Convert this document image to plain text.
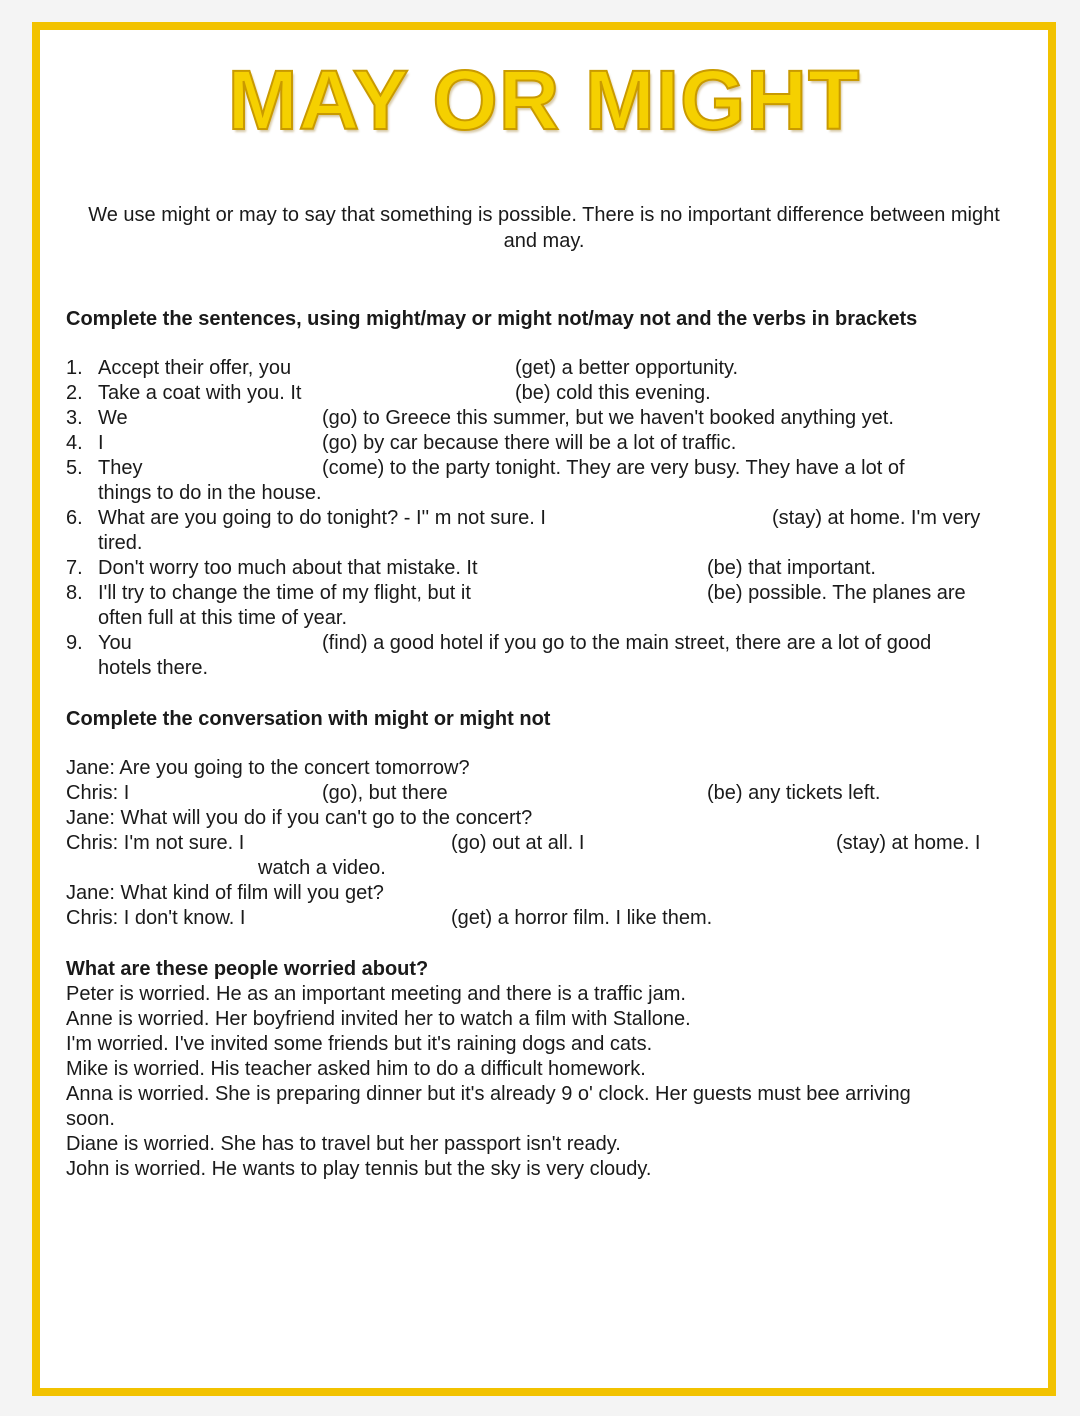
MAY OR MIGHT
We use might or may to say that something is possible. There is no important difference between might and may.
Complete the sentences, using might/may or might not/may not and the verbs in brackets
1. Accept their offer, you	(get) a better opportunity.
2. Take a coat with you. It	(be) cold this evening.
3. We	(go) to Greece this summer, but we haven't booked anything yet.
4. I	(go) by car because there will be a lot of traffic.
5. They	(come) to the party tonight. They are very busy. They have a lot of
things to do in the house.
6. What are you going to do tonight? - I'' m not sure. I	(stay) at home. I'm very
tired.
7. Don't worry too much about that mistake. It	(be) that important.
8. I'll try to change the time of my flight, but it	(be) possible. The planes are
often full at this time of year.
9. You	(find) a good hotel if you go to the main street, there are a lot of good
hotels there.
Complete the conversation with might or might not
Jane: Are you going to the concert tomorrow?
Chris: I	(go), but there	(be) any tickets left.
Jane: What will you do if you can't go to the concert?
Chris: I'm not sure. I	(go) out at all. I	(stay) at home. I
watch a video.
Jane: What kind of film will you get?
Chris: I don't know. I	(get) a horror film. I like them.
What are these people worried about?
Peter is worried. He as an important meeting and there is a traffic jam.
Anne is worried. Her boyfriend invited her to watch a film with Stallone.
I'm worried. I've invited some friends but it's raining dogs and cats.
Mike is worried. His teacher asked him to do a difficult homework.
Anna is worried. She is preparing dinner but it's already 9 o' clock. Her guests must bee arriving
soon.
Diane is worried. She has to travel but her passport isn't ready.
John is worried. He wants to play tennis but the sky is very cloudy.
